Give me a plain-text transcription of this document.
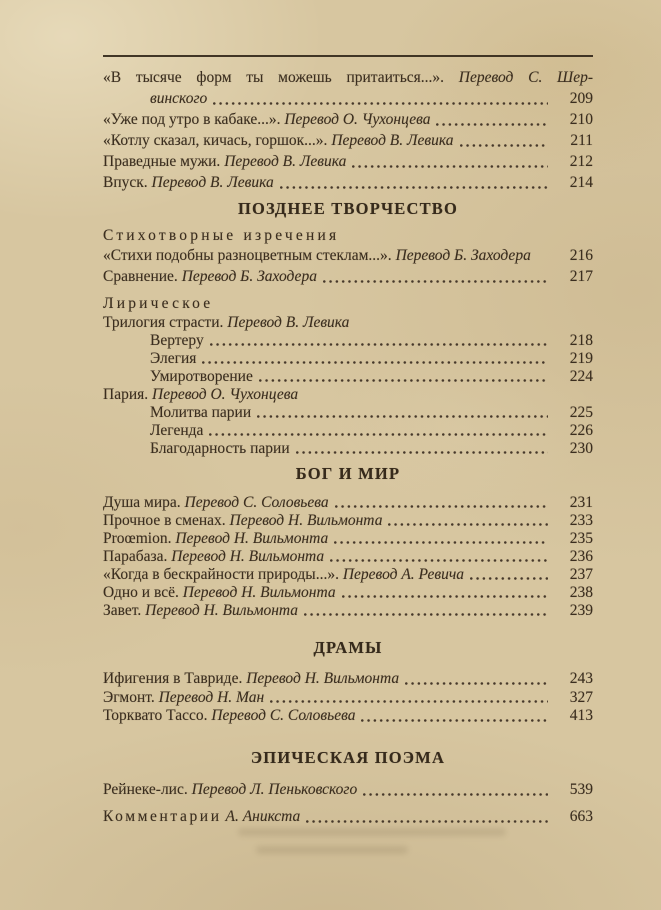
«В тысяче форм ты можешь притаиться...». Перевод С. Шер-
винского	209
«Уже под утро в кабаке...».
Перевод О. Чухонцева	210
«Котлу сказал, кичась, горшок...».
Перевод В. Левика	211
Праведные мужи.
Перевод В. Левика	212
Впуск.
Перевод В. Левика	214
ПОЗДНЕЕ ТВОРЧЕСТВО
Стихотворные изречения
«Стихи подобны разноцветным стеклам...».
Перевод Б. Заходера	216
Сравнение.
Перевод Б. Заходера	217
Лирическое
Трилогия страсти.
Перевод В. Левика
Вертеру	218
Элегия	219
Умиротворение	224
Пария.
Перевод О. Чухонцева
Молитва парии	225
Легенда	226
Благодарность парии	230
БОГ И МИР
Душа мира.
Перевод С. Соловьева	231
Прочное в сменах.
Перевод Н. Вильмонта	233
Proœmion.
Перевод Н. Вильмонта	235
Парабаза.
Перевод Н. Вильмонта	236
«Когда в бескрайности природы...».
Перевод А. Ревича	237
Одно и всё.
Перевод Н. Вильмонта	238
Завет.
Перевод Н. Вильмонта	239
ДРАМЫ
Ифигения в Тавриде.
Перевод Н. Вильмонта	243
Эгмонт.
Перевод Н. Ман	327
Торквато Тассо.
Перевод С. Соловьева	413
ЭПИЧЕСКАЯ ПОЭМА
Рейнеке-лис.
Перевод Л. Пеньковского	539
Комментарии
А. Аникста	663
